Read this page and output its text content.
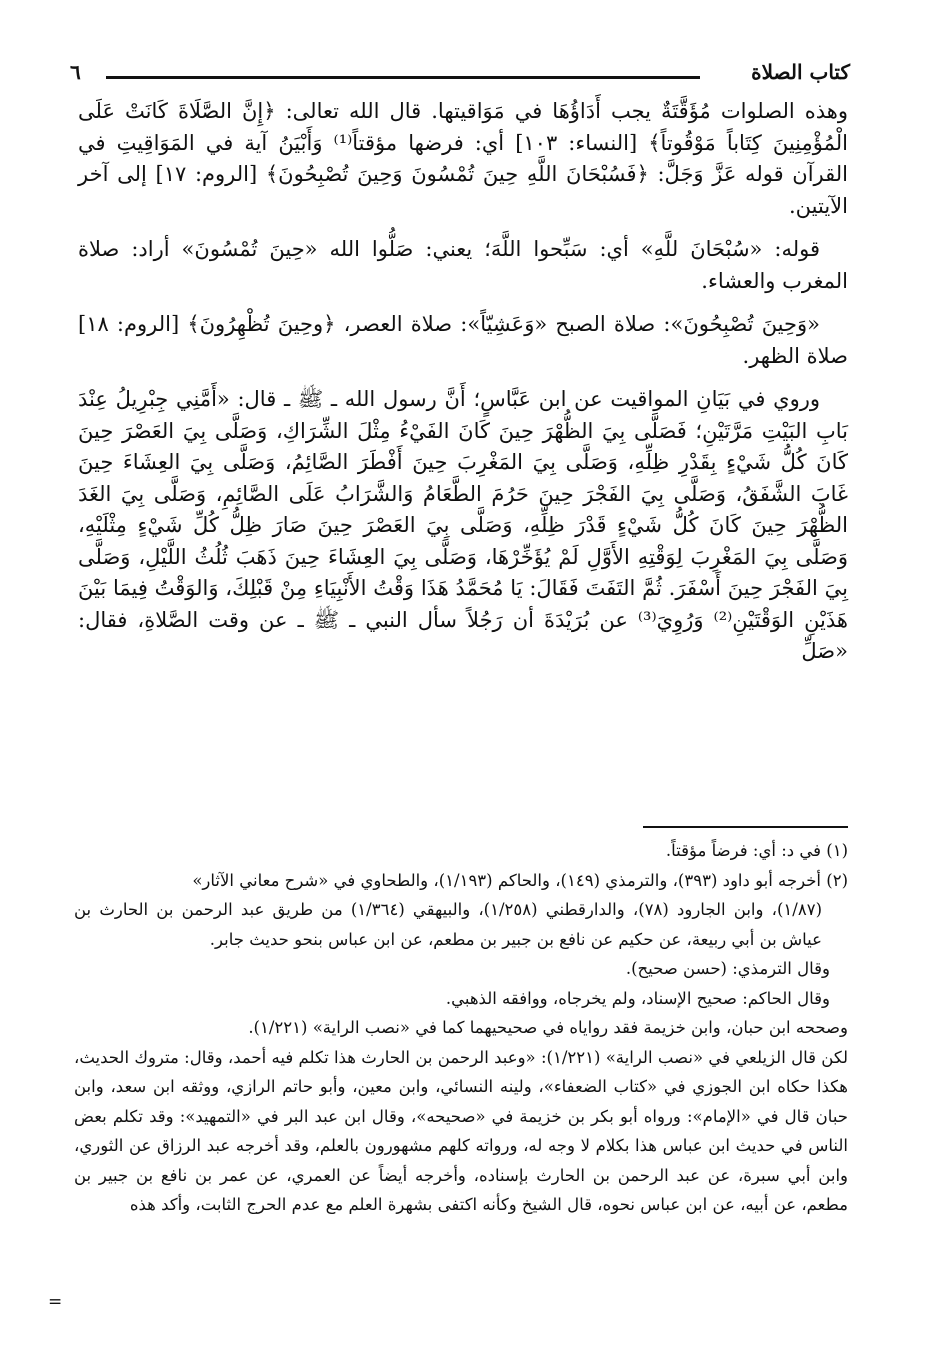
كتاب الصلاة
٦

وهذه الصلوات مُؤَقَّتَةٌ يجب أَدَاؤُهَا في مَوَاقيتها. قال الله تعالى: ﴿إِنَّ الصَّلَاةَ كَانَتْ عَلَى الْمُؤْمِنِينَ كِتَاباً مَوْقُوتاً﴾ [النساء: ١٠٣] أي: فرضها مؤقتاً⁽¹⁾ وَأَبْيَنُ آية في المَوَاقِيتِ في القرآن قوله عَزَّ وَجَلَّ: ﴿فَسُبْحَانَ اللَّهِ حِينَ تُمْسُونَ وَحِينَ تُصْبِحُونَ﴾ [الروم: ١٧] إلى آخر الآيتين.

قوله: «سُبْحَانَ للَّهِ» أي: سَبِّحوا اللَّهَ؛ يعني: صَلُّوا الله «حِينَ تُمْسُونَ» أراد: صلاة المغرب والعشاء.

«وَحِينَ تُصْبِحُونَ»: صلاة الصبح «وَعَشِيّاً»: صلاة العصر، ﴿وحِينَ تُظْهِرُونَ﴾ [الروم: ١٨] صلاة الظهر.

وروي في بَيَانِ المواقيت عن ابن عَبَّاسٍ؛ أَنَّ رسول الله ـ ﷺ ـ قال: «أَمَّنِي جِبْرِيلُ عِنْدَ بَابِ البَيْتِ مَرَّتَيْنِ؛ فَصَلَّى بِيَ الظُّهْرَ حِينَ كَانَ الفَيْءُ مِثْلَ الشِّرَاكِ، وَصَلَّى بِيَ العَصْرَ حِينَ كَانَ كُلُّ شَيْءٍ بِقَدْرِ ظِلِّهِ، وَصَلَّى بِيَ المَغْرِبَ حِينَ أَفْطَرَ الصَّائِمُ، وَصَلَّى بِيَ العِشَاءَ حِينَ غَابَ الشَّفَقُ، وَصَلَّى بِيَ الفَجْرَ حِينَ حَرُمَ الطَّعَامُ وَالشَّرَابُ عَلَى الصَّائِمِ، وَصَلَّى بِيَ الغَدَ الظُّهْرَ حِينَ كَانَ كُلُّ شَيْءٍ قَدْرَ ظِلِّهِ، وَصَلَّى بِيَ العَصْرَ حِينَ صَارَ ظِلُّ كُلِّ شَيْءٍ مِثْلَيْهِ، وَصَلَّى بِيَ المَغْرِبَ لِوَقْتِهِ الأَوَّلِ لَمْ يُؤَخِّرْهَا، وَصَلَّى بِيَ العِشَاءَ حِينَ ذَهَبَ ثُلُثُ اللَّيْلِ، وَصَلَّى بِيَ الفَجْرَ حِينَ أَسْفَرَ. ثُمَّ التَفَتَ فَقَالَ: يَا مُحَمَّدُ هَذَا وَقْتُ الأَنْبِيَاءِ مِنْ قَبْلِكَ، وَالوَقْتُ فِيمَا بَيْنَ هَذَيْنِ الوَقْتَيْنِ⁽²⁾ وَرُوِيَ⁽³⁾ عن بُرَيْدَةَ أن رَجُلاً سأل النبي ـ ﷺ ـ عن وقت الصَّلاةِ، فقال: «صَلِّ

(١) في د: أي: فرضاً مؤقتاً.

(٢) أخرجه أبو داود (٣٩٣)، والترمذي (١٤٩)، والحاكم (١/١٩٣)، والطحاوي في «شرح معاني الآثار»

(١/٨٧)، وابن الجارود (٧٨)، والدارقطني (١/٢٥٨)، والبيهقي (١/٣٦٤) من طريق عبد الرحمن بن الحارث بن عياش بن أبي ربيعة، عن حكيم عن نافع بن جبير بن مطعم، عن ابن عباس بنحو حديث جابر.

وقال الترمذي: (حسن صحيح).

وقال الحاكم: صحيح الإسناد، ولم يخرجاه، ووافقه الذهبي.

وصححه ابن حبان، وابن خزيمة فقد رواياه في صحيحيهما كما في «نصب الراية» (١/٢٢١).

لكن قال الزيلعي في «نصب الراية» (١/٢٢١): «وعبد الرحمن بن الحارث هذا تكلم فيه أحمد، وقال: متروك الحديث، هكذا حكاه ابن الجوزي في «كتاب الضعفاء»، ولينه النسائي، وابن معين، وأبو حاتم الرازي، ووثقه ابن سعد، وابن حبان قال في «الإمام»: ورواه أبو بكر بن خزيمة في «صحيحه»، وقال ابن عبد البر في «التمهيد»: وقد تكلم بعض الناس في حديث ابن عباس هذا بكلام لا وجه له، ورواته كلهم مشهورون بالعلم، وقد أخرجه عبد الرزاق عن الثوري، وابن أبي سبرة، عن عبد الرحمن بن الحارث بإسناده، وأخرجه أيضاً عن العمري، عن عمر بن نافع بن جبير بن مطعم، عن أبيه، عن ابن عباس نحوه، قال الشيخ وكأنه اكتفى بشهرة العلم مع عدم الحرج الثابت، وأكد هذه

=
